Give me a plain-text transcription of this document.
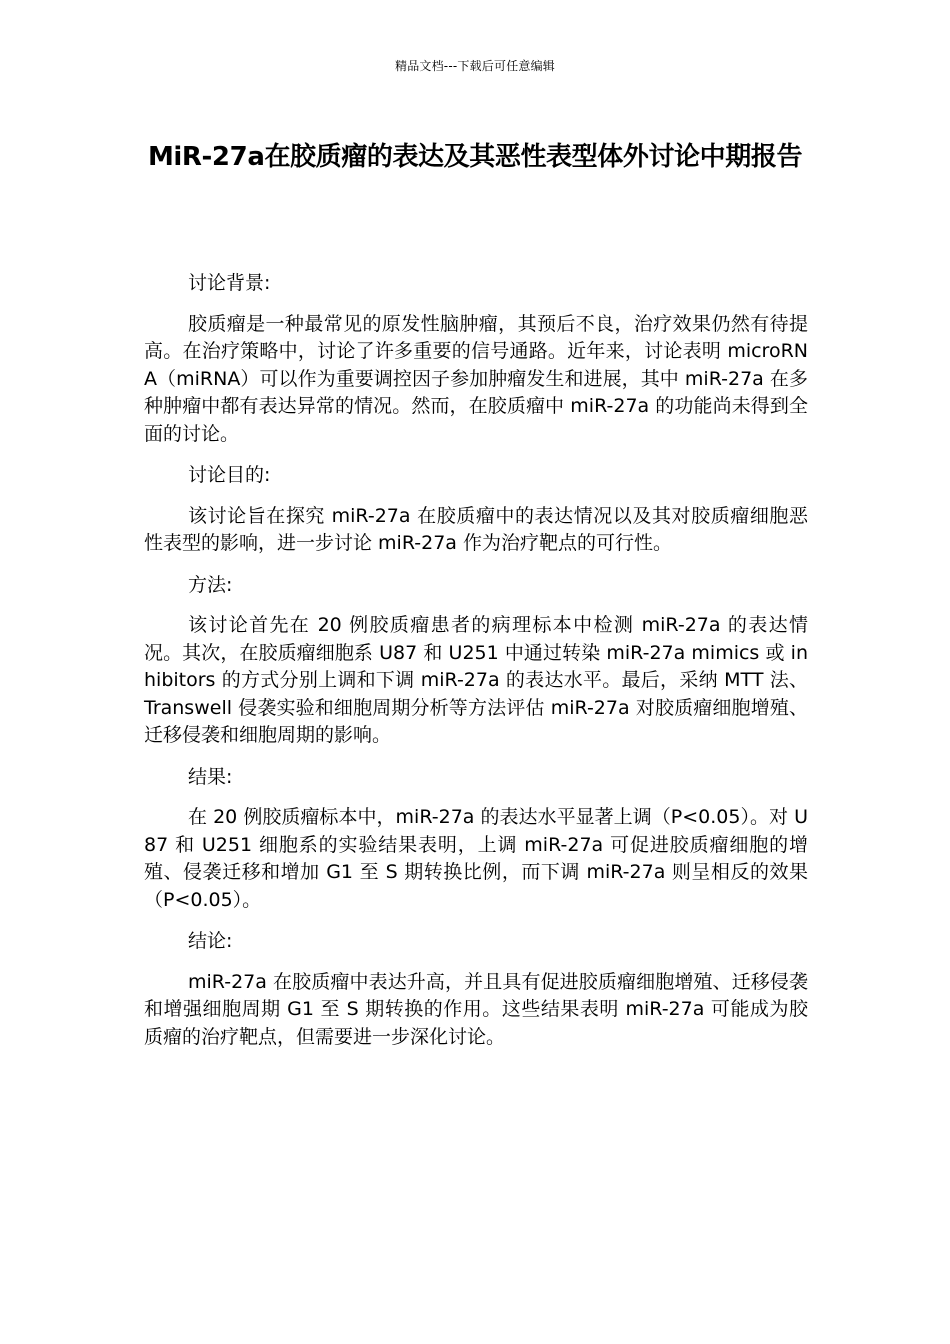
精品文档---下载后可任意编辑
MiR-27a在胶质瘤的表达及其恶性表型体外讨论中期报告

讨论背景:

胶质瘤是一种最常见的原发性脑肿瘤，其预后不良，治疗效果仍然有待提高。在治疗策略中，讨论了许多重要的信号通路。近年来，讨论表明 microRNA（miRNA）可以作为重要调控因子参加肿瘤发生和进展，其中 miR-27a 在多种肿瘤中都有表达异常的情况。然而，在胶质瘤中 miR-27a 的功能尚未得到全面的讨论。

讨论目的:

该讨论旨在探究 miR-27a 在胶质瘤中的表达情况以及其对胶质瘤细胞恶性表型的影响，进一步讨论 miR-27a 作为治疗靶点的可行性。

方法:

该讨论首先在 20 例胶质瘤患者的病理标本中检测 miR-27a 的表达情况。其次，在胶质瘤细胞系 U87 和 U251 中通过转染 miR-27a mimics 或 inhibitors 的方式分别上调和下调 miR-27a 的表达水平。最后，采纳 MTT 法、Transwell 侵袭实验和细胞周期分析等方法评估 miR-27a 对胶质瘤细胞增殖、迁移侵袭和细胞周期的影响。

结果:

在 20 例胶质瘤标本中，miR-27a 的表达水平显著上调（P<0.05）。对 U87 和 U251 细胞系的实验结果表明，上调 miR-27a 可促进胶质瘤细胞的增殖、侵袭迁移和增加 G1 至 S 期转换比例，而下调 miR-27a 则呈相反的效果（P<0.05）。

结论:

miR-27a 在胶质瘤中表达升高，并且具有促进胶质瘤细胞增殖、迁移侵袭和增强细胞周期 G1 至 S 期转换的作用。这些结果表明 miR-27a 可能成为胶质瘤的治疗靶点，但需要进一步深化讨论。
